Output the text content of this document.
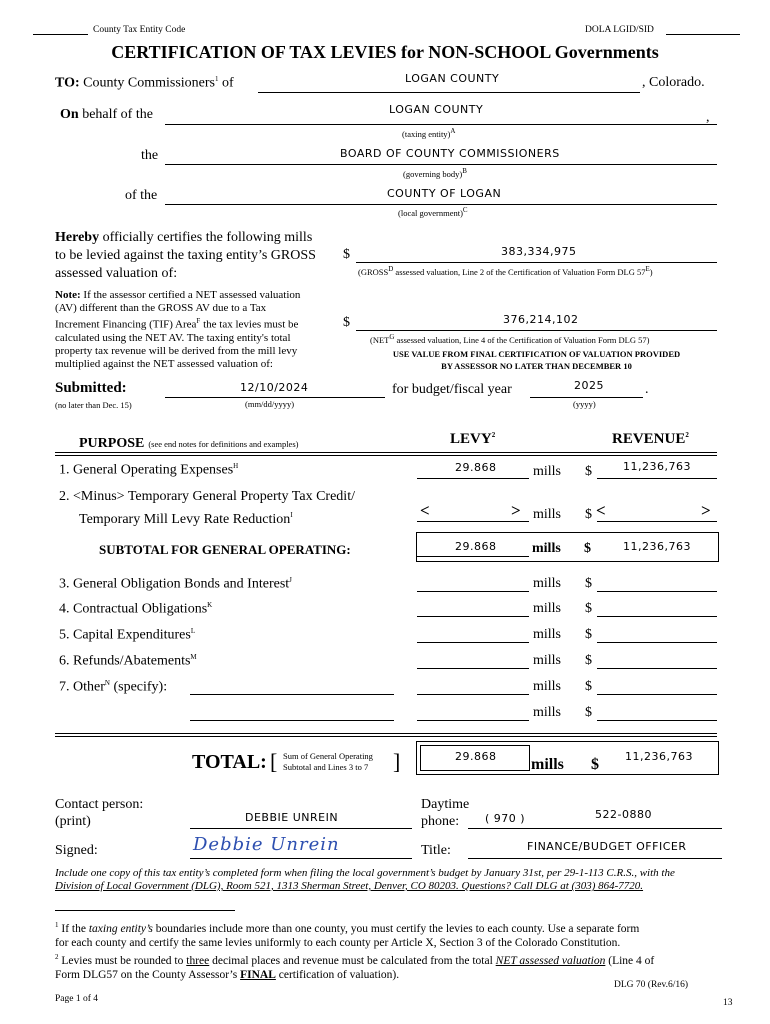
County Tax Entity Code	DOLA LGID/SID
CERTIFICATION OF TAX LEVIES for NON-SCHOOL Governments
TO: County Commissioners$^1$ of	LOGAN COUNTY	, Colorado.
On behalf of the	LOGAN COUNTY
,
(taxing entity)$^A$
the	BOARD OF COUNTY COMMISSIONERS
(governing body)$^B$
of the	COUNTY OF LOGAN
(local government)$^C$
Hereby officially certifies the following mills
to be levied against the taxing entity’s GROSS
assessed valuation of:
$	383,334,975
($GROSS^D$ assessed valuation, Line 2 of the Certification of Valuation Form DLG $57^E$)
Note: If the assessor certified a NET assessed valuation
(AV) different than the GROSS AV due to a Tax
Increment Financing (TIF) Area$^F$ the tax levies must be
calculated using the NET AV. The taxing entity's total
property tax revenue will be derived from the mill levy
multiplied against the NET assessed valuation of:
$	376,214,102
($NET^G$ assessed valuation, Line 4 of the Certification of Valuation Form DLG 57)
USE VALUE FROM FINAL CERTIFICATION OF VALUATION PROVIDED
BY ASSESSOR NO LATER THAN DECEMBER 10
Submitted:
(no later than Dec. 15)
12/10/2024
(mm/dd/yyyy)
for budget/fiscal year	2025	.
(yyyy)
PURPOSE (see end notes for definitions and examples)	LEVY$^2$	REVENUE$^2$
1. General Operating Expenses$^H$	29.868	mills $	11,236,763
2. <Minus> Temporary General Property Tax Credit/
Temporary Mill Levy Rate Reduction$^I$	<	> mills $ <	>
SUBTOTAL FOR GENERAL OPERATING:	29.868	mills $	11,236,763
3. General Obligation Bonds and Interest$^J$	mills $
4. Contractual Obligations$^K$	mills $
5. Capital Expenditures$^L$	mills $
6. Refunds/Abatements$^M$	mills $
7. Other$^N$ (specify):	mills $
mills $
TOTAL: [ Sum of General Operating
Subtotal and Lines 3 to 7 ]	29.868 mills $ 11,236,763
Contact person:
(print)	DEBBIE UNREIN
Daytime
phone:	( 970 )	522-0880
Signed:	Debbie Unrein	Title:	FINANCE/BUDGET OFFICER
Include one copy of this tax entity’s completed form when filing the local government’s budget by January 31st, per 29-1-113 C.R.S., with the
Division of Local Government (DLG), Room 521, 1313 Sherman Street, Denver, CO 80203. Questions? Call DLG at (303) 864-7720.
$^1$ If the taxing entity’s boundaries include more than one county, you must certify the levies to each county. Use a separate form
for each county and certify the same levies uniformly to each county per Article X, Section 3 of the Colorado Constitution.
$^2$ Levies must be rounded to three decimal places and revenue must be calculated from the total NET assessed valuation (Line 4 of
Form DLG57 on the County Assessor’s FINAL certification of valuation).
DLG 70 (Rev.6/16)
Page 1 of 4	13
